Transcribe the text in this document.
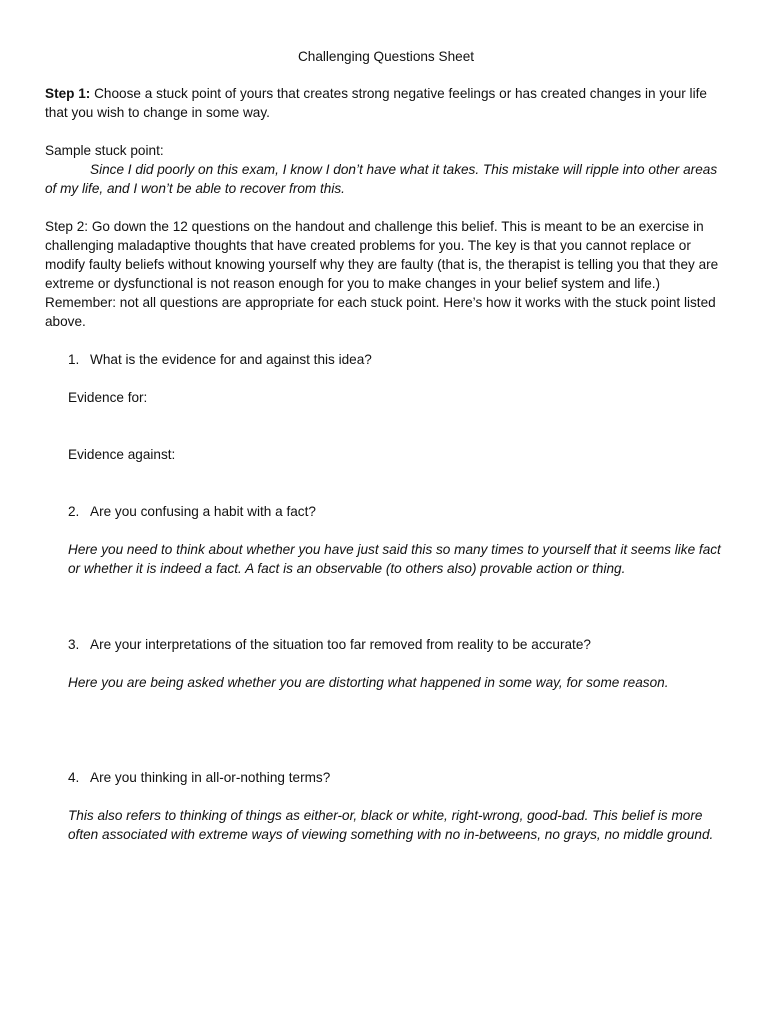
Challenging Questions Sheet

Step 1: Choose a stuck point of yours that creates strong negative feelings or has created changes in your life that you wish to change in some way.

Sample stuck point:

Since I did poorly on this exam, I know I don’t have what it takes. This mistake will ripple into other areas of my life, and I won’t be able to recover from this.

Step 2: Go down the 12 questions on the handout and challenge this belief. This is meant to be an exercise in challenging maladaptive thoughts that have created problems for you. The key is that you cannot replace or modify faulty beliefs without knowing yourself why they are faulty (that is, the therapist is telling you that they are extreme or dysfunctional is not reason enough for you to make changes in your belief system and life.) Remember: not all questions are appropriate for each stuck point. Here’s how it works with the stuck point listed above.

1. What is the evidence for and against this idea?

Evidence for:

Evidence against:

2. Are you confusing a habit with a fact?

Here you need to think about whether you have just said this so many times to yourself that it seems like fact or whether it is indeed a fact. A fact is an observable (to others also) provable action or thing.

3. Are your interpretations of the situation too far removed from reality to be accurate?

Here you are being asked whether you are distorting what happened in some way, for some reason.

4. Are you thinking in all-or-nothing terms?

This also refers to thinking of things as either-or, black or white, right-wrong, good-bad. This belief is more often associated with extreme ways of viewing something with no in-betweens, no grays, no middle ground.
